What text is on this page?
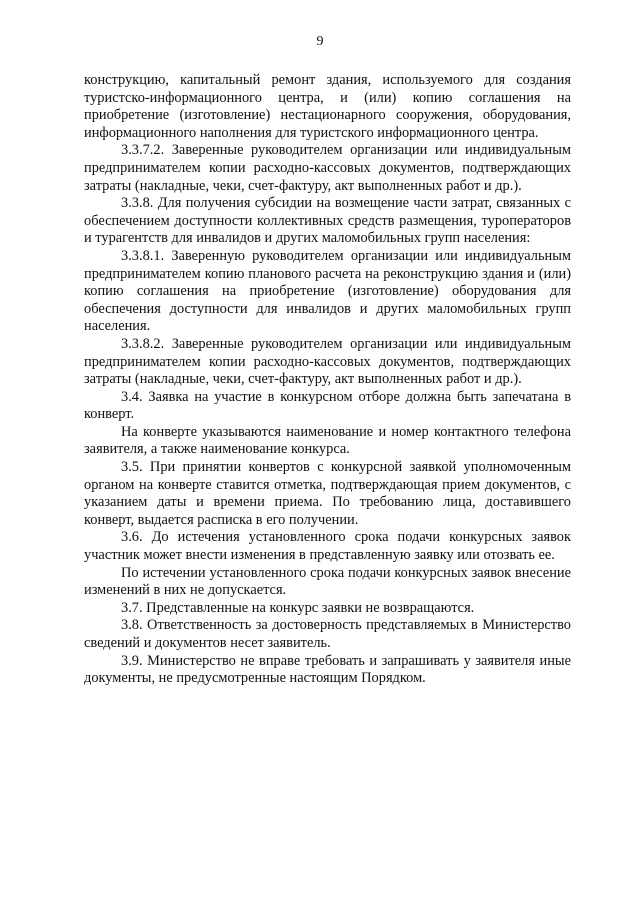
9

конструкцию, капитальный ремонт здания, используемого для создания туристско-информационного центра, и (или) копию соглашения на приобретение (изготовление) нестационарного сооружения, оборудования, информационного наполнения для туристского информационного центра.

3.3.7.2. Заверенные руководителем организации или индивидуальным предпринимателем копии расходно-кассовых документов, подтверждающих затраты (накладные, чеки, счет-фактуру, акт выполненных работ и др.).

3.3.8. Для получения субсидии на возмещение части затрат, связанных с обеспечением доступности коллективных средств размещения, туроператоров и турагентств для инвалидов и других маломобильных групп населения:

3.3.8.1. Заверенную руководителем организации или индивидуальным предпринимателем копию планового расчета на реконструкцию здания и (или) копию соглашения на приобретение (изготовление) оборудования для обеспечения доступности для инвалидов и других маломобильных групп населения.

3.3.8.2. Заверенные руководителем организации или индивидуальным предпринимателем копии расходно-кассовых документов, подтверждающих затраты (накладные, чеки, счет-фактуру, акт выполненных работ и др.).

3.4. Заявка на участие в конкурсном отборе должна быть запечатана в конверт.

На конверте указываются наименование и номер контактного телефона заявителя, а также наименование конкурса.

3.5. При принятии конвертов с конкурсной заявкой уполномоченным органом на конверте ставится отметка, подтверждающая прием документов, с указанием даты и времени приема. По требованию лица, доставившего конверт, выдается расписка в его получении.

3.6. До истечения установленного срока подачи конкурсных заявок участник может внести изменения в представленную заявку или отозвать ее.

По истечении установленного срока подачи конкурсных заявок внесение изменений в них не допускается.

3.7. Представленные на конкурс заявки не возвращаются.

3.8. Ответственность за достоверность представляемых в Министерство сведений и документов несет заявитель.

3.9. Министерство не вправе требовать и запрашивать у заявителя иные документы, не предусмотренные настоящим Порядком.
